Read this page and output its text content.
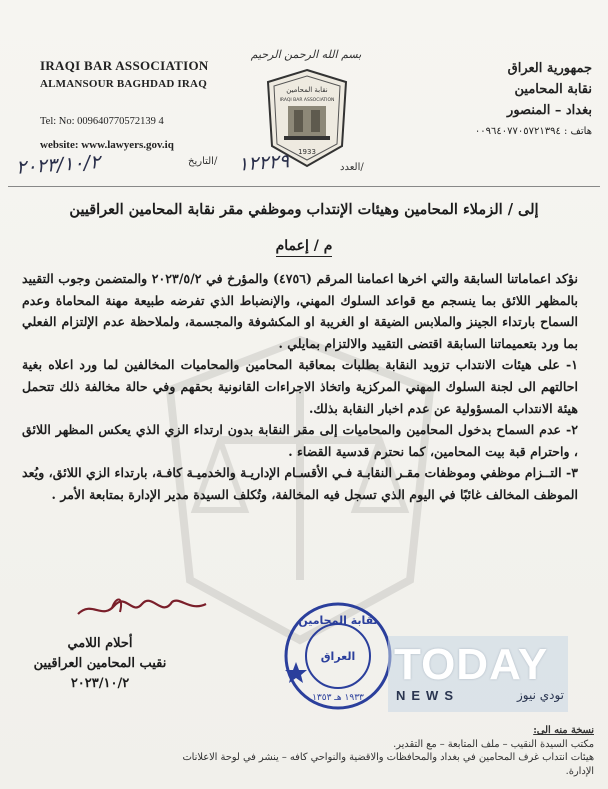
IRAQI BAR ASSOCIATION
ALMANSOUR BAGHDAD IRAQ
Tel: No: 009640770572139 4
website: www.lawyers.gov.iq
بسم الله الرحمن الرحيم
نقابة المحامين
IRAQI BAR ASSOCIATION
1933
جمهورية العراق
نقابة المحامين
بغداد – المنصور
هاتف : ٠٠٩٦٤٠٧٧٠٥٧٢١٣٩٤
٢٠٢٣/١٠/٢	التاريخ/ ١٢٢٢٩	العدد/
إلى / الزملاء المحامين وهيئات الإنتداب وموظفي مقر نقابة المحامين العراقيين
م / إعمام

نؤكد اعماماتنا السابقة والتي اخرها اعمامنا المرقم (٤٧٥٦) والمؤرخ في ٢٠٢٣/٥/٢ والمتضمن وجوب التقييد بالمظهر اللائق بما ينسجم مع قواعد السلوك المهني، والإنضباط الذي تفرضه طبيعة مهنة المحاماة وعدم السماح بارتداء الجينز والملابس الضيقة او الغريبة او المكشوفة والمجسمة، ولملاحظة عدم الإلتزام الفعلي بما ورد بتعميماتنا السابقة اقتضى التقييد والالتزام بمايلي .

١- على هيئات الانتداب تزويد النقابة بطلبات بمعاقبة المحامين والمحاميات المخالفين لما ورد اعلاه بغية احالتهم الى لجنة السلوك المهني المركزية واتخاذ الاجراءات القانونية بحقهم وفي حالة مخالفة ذلك تتحمل هيئة الانتداب المسؤولية عن عدم اخبار النقابة بذلك.

٢- عدم السماح بدخول المحامين والمحاميات إلى مقر النقابة بدون ارتداء الزي الذي يعكس المظهر اللائق ، واحترام قبة بيت المحامين، كما نحترم قدسية القضاء .

٣- التــزام موظفي وموظفات مقـر النقابـة فـي الأقسـام الإداريـة والخدميـة كافـة، بارتداء الزي اللائق، ويُعد الموظف المخالف غائبًا في اليوم الذي تسجل فيه المخالفة، وتُكلف السيدة مدير الإدارة بمتابعة الأمر .

أحلام اللامي
نقيب المحامين العراقيين
٢٠٢٣/١٠/٢
نقابة المحامين
العراق
١٩٣٣ هـ ١٣٥٣
TODAY
NEWS	تودي نيوز
نسخة منه الى:
مكتب السيدة النقيب – ملف المتابعة – مع التقدير.
هيئات انتداب غرف المحامين في بغداد والمحافظات والاقضية والنواحي كافه – ينشر في لوحة الاعلانات
الإدارة.
